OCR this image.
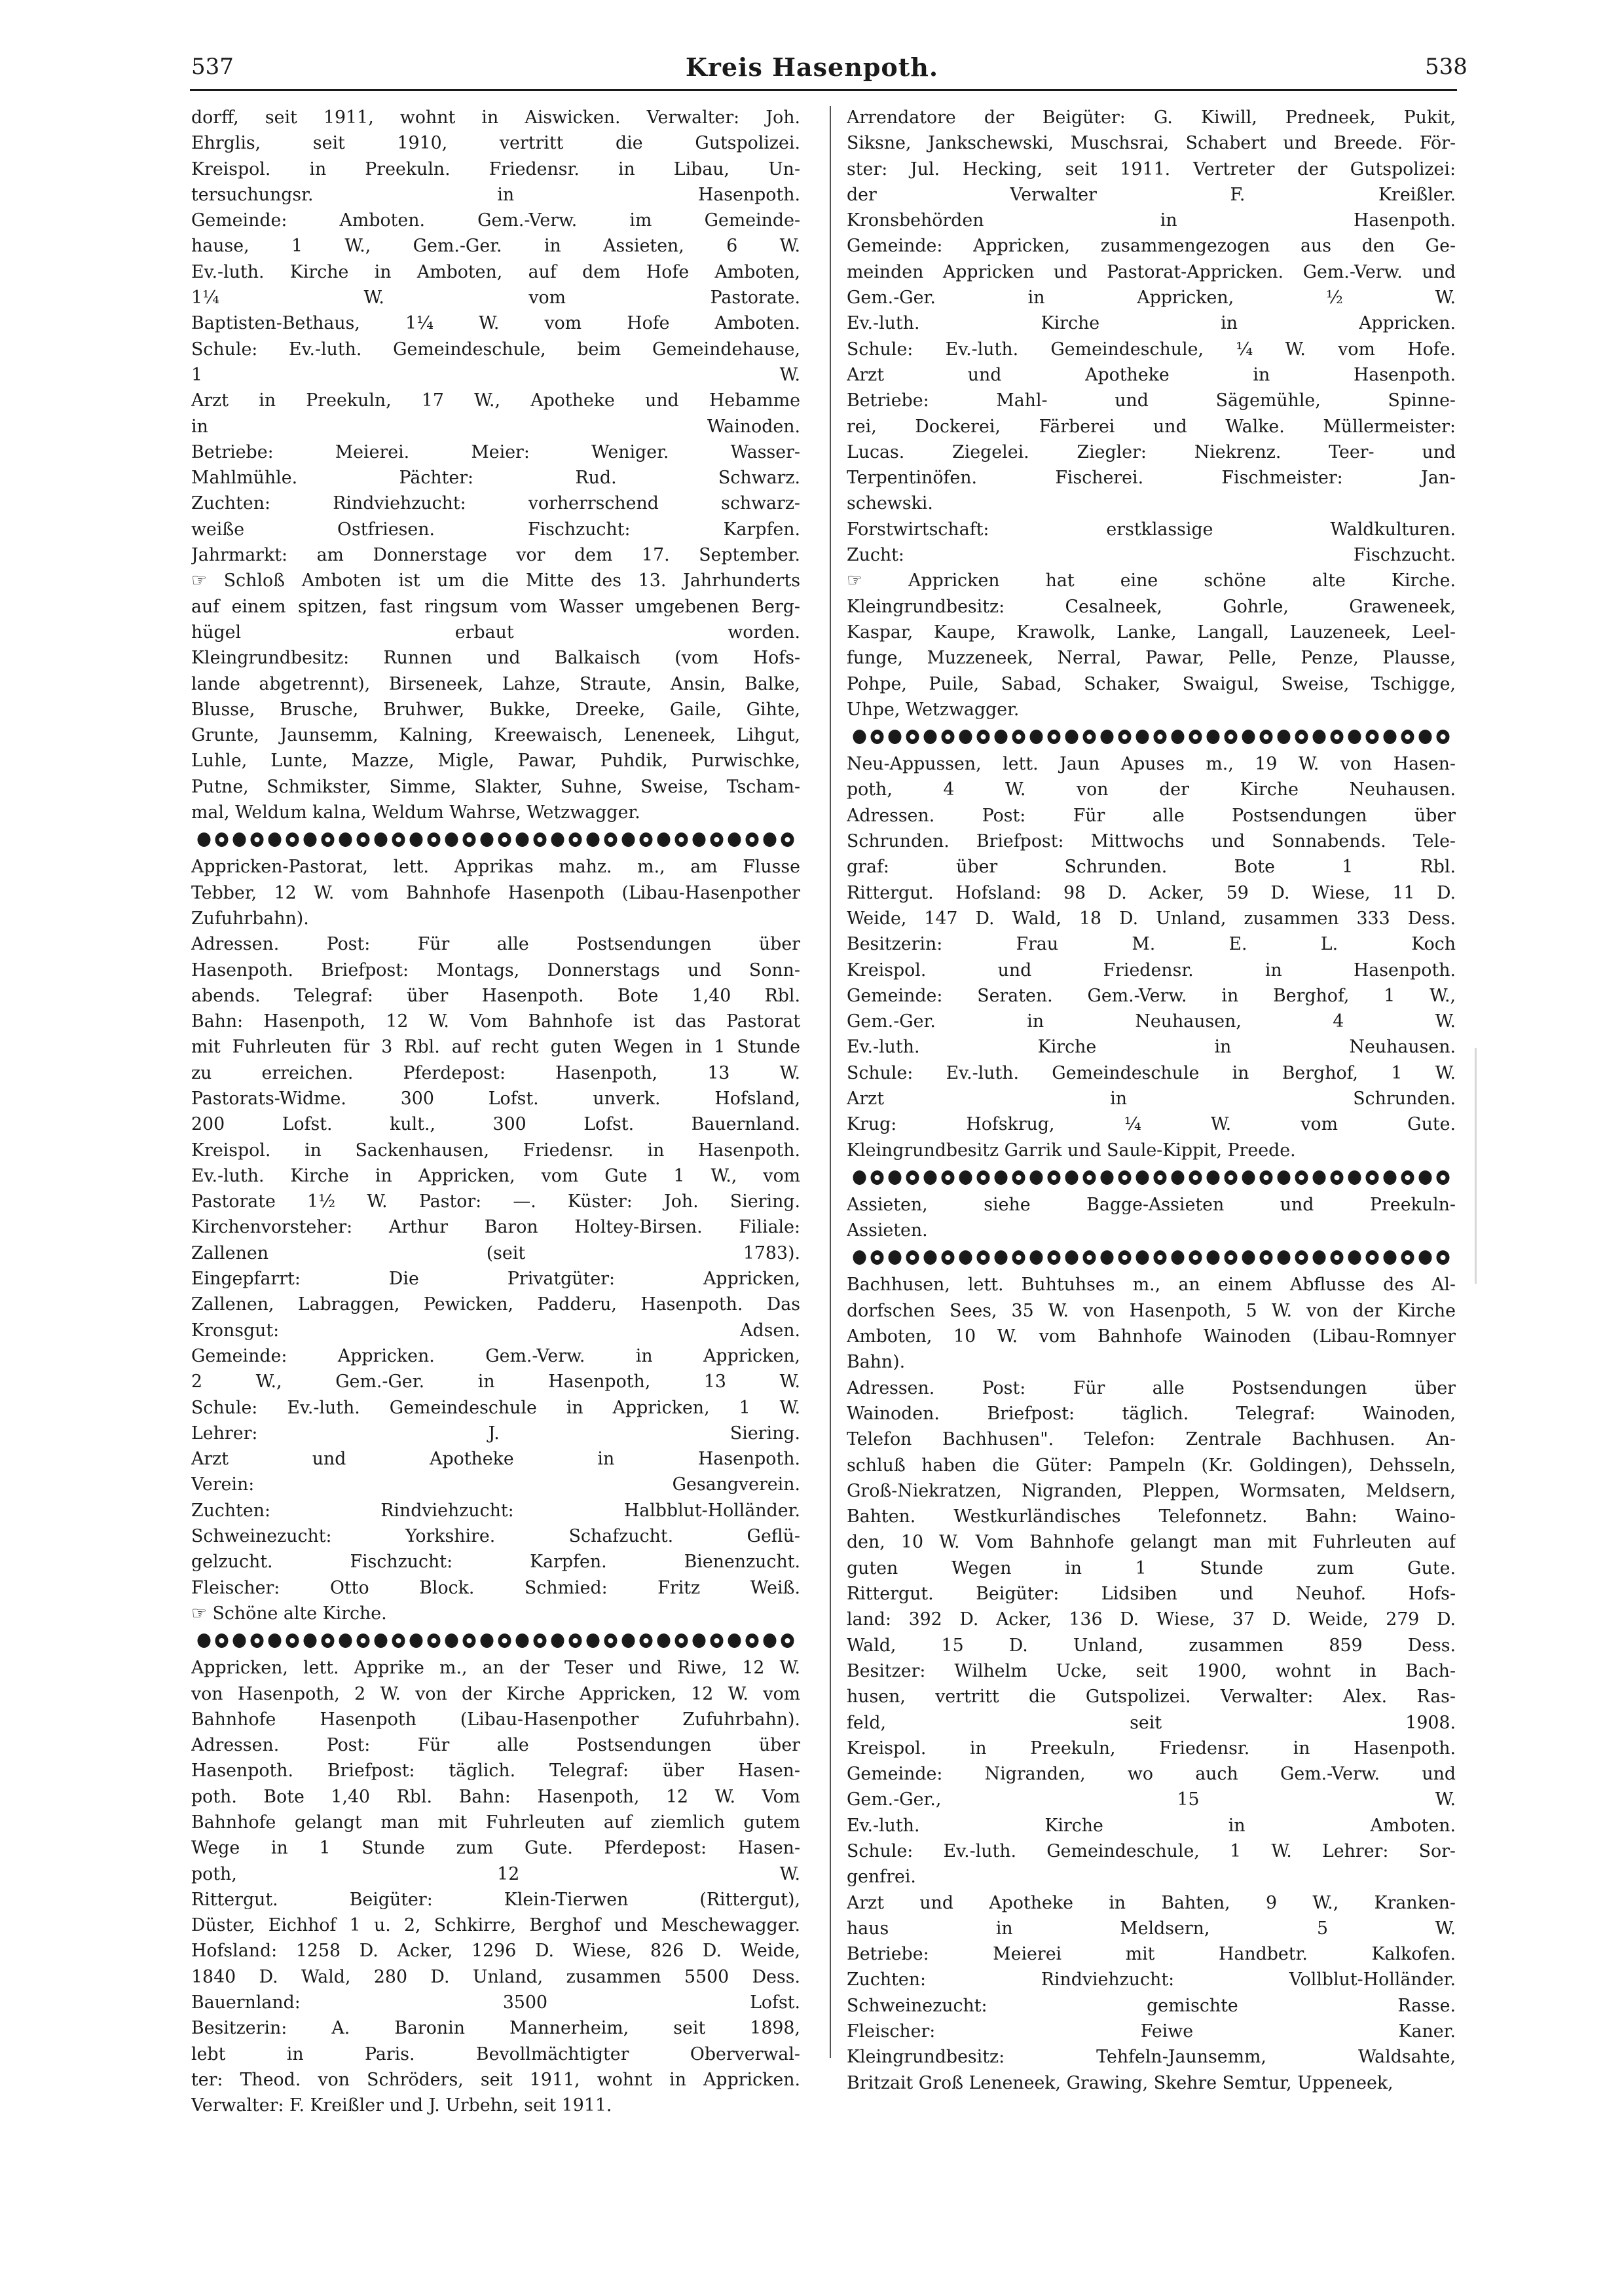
537	Kreis Hasenpoth.	538
dorff, seit 1911, wohnt in Aiswicken. Verwalter: Joh.
Ehrglis, seit 1910, vertritt die Gutspolizei.
Kreispol. in Preekuln. Friedensr. in Libau, Un-
tersuchungsr. in Hasenpoth.
Gemeinde: Amboten. Gem.-Verw. im Gemeinde-
hause, 1 W., Gem.-Ger. in Assieten, 6 W.
Ev.-luth. Kirche in Amboten, auf dem Hofe Amboten,
1¼ W. vom Pastorate.
Baptisten-Bethaus, 1¼ W. vom Hofe Amboten.
Schule: Ev.-luth. Gemeindeschule, beim Gemeindehause,
1 W.
Arzt in Preekuln, 17 W., Apotheke und Hebamme
in Wainoden.
Betriebe: Meierei. Meier: Weniger. Wasser-
Mahlmühle. Pächter: Rud. Schwarz.
Zuchten: Rindviehzucht: vorherrschend schwarz-
weiße Ostfriesen. Fischzucht: Karpfen.
Jahrmarkt: am Donnerstage vor dem 17. September.
☞ Schloß Amboten ist um die Mitte des 13. Jahrhunderts
auf einem spitzen, fast ringsum vom Wasser umgebenen Berg-
hügel erbaut worden.
Kleingrundbesitz: Runnen und Balkaisch (vom Hofs-
lande abgetrennt), Birseneek, Lahze, Straute, Ansin, Balke,
Blusse, Brusche, Bruhwer, Bukke, Dreeke, Gaile, Gihte,
Grunte, Jaunsemm, Kalning, Kreewaisch, Leneneek, Lihgut,
Luhle, Lunte, Mazze, Migle, Pawar, Puhdik, Purwischke,
Putne, Schmikster, Simme, Slakter, Suhne, Sweise, Tscham-
mal, Weldum kalna, Weldum Wahrse, Wetzwagger.
Appricken-Pastorat, lett. Apprikas mahz. m., am Flusse
Tebber, 12 W. vom Bahnhofe Hasenpoth (Libau-Hasenpother
Zufuhrbahn).
Adressen. Post: Für alle Postsendungen über
Hasenpoth. Briefpost: Montags, Donnerstags und Sonn-
abends. Telegraf: über Hasenpoth. Bote 1,40 Rbl.
Bahn: Hasenpoth, 12 W. Vom Bahnhofe ist das Pastorat
mit Fuhrleuten für 3 Rbl. auf recht guten Wegen in 1 Stunde
zu erreichen. Pferdepost: Hasenpoth, 13 W.
Pastorats-Widme. 300 Lofst. unverk. Hofsland,
200 Lofst. kult., 300 Lofst. Bauernland.
Kreispol. in Sackenhausen, Friedensr. in Hasenpoth.
Ev.-luth. Kirche in Appricken, vom Gute 1 W., vom
Pastorate 1½ W. Pastor: —. Küster: Joh. Siering.
Kirchenvorsteher: Arthur Baron Holtey-Birsen. Filiale:
Zallenen (seit 1783).
Eingepfarrt: Die Privatgüter: Appricken,
Zallenen, Labraggen, Pewicken, Padderu, Hasenpoth. Das
Kronsgut: Adsen.
Gemeinde: Appricken. Gem.-Verw. in Appricken,
2 W., Gem.-Ger. in Hasenpoth, 13 W.
Schule: Ev.-luth. Gemeindeschule in Appricken, 1 W.
Lehrer: J. Siering.
Arzt und Apotheke in Hasenpoth.
Verein: Gesangverein.
Zuchten: Rindviehzucht: Halbblut-Holländer.
Schweinezucht: Yorkshire. Schafzucht. Geflü-
gelzucht. Fischzucht: Karpfen. Bienenzucht.
Fleischer: Otto Block. Schmied: Fritz Weiß.
☞ Schöne alte Kirche.
Appricken, lett. Apprike m., an der Teser und Riwe, 12 W.
von Hasenpoth, 2 W. von der Kirche Appricken, 12 W. vom
Bahnhofe Hasenpoth (Libau-Hasenpother Zufuhrbahn).
Adressen. Post: Für alle Postsendungen über
Hasenpoth. Briefpost: täglich. Telegraf: über Hasen-
poth. Bote 1,40 Rbl. Bahn: Hasenpoth, 12 W. Vom
Bahnhofe gelangt man mit Fuhrleuten auf ziemlich gutem
Wege in 1 Stunde zum Gute. Pferdepost: Hasen-
poth, 12 W.
Rittergut. Beigüter: Klein-Tierwen (Rittergut),
Düster, Eichhof 1 u. 2, Schkirre, Berghof und Meschewagger.
Hofsland: 1258 D. Acker, 1296 D. Wiese, 826 D. Weide,
1840 D. Wald, 280 D. Unland, zusammen 5500 Dess.
Bauernland: 3500 Lofst.
Besitzerin: A. Baronin Mannerheim, seit 1898,
lebt in Paris. Bevollmächtigter Oberverwal-
ter: Theod. von Schröders, seit 1911, wohnt in Appricken.
Verwalter: F. Kreißler und J. Urbehn, seit 1911.
Arrendatore der Beigüter: G. Kiwill, Predneek, Pukit,
Siksne, Jankschewski, Muschsrai, Schabert und Breede. För-
ster: Jul. Hecking, seit 1911. Vertreter der Gutspolizei:
der Verwalter F. Kreißler.
Kronsbehörden in Hasenpoth.
Gemeinde: Appricken, zusammengezogen aus den Ge-
meinden Appricken und Pastorat-Appricken. Gem.-Verw. und
Gem.-Ger. in Appricken, ½ W.
Ev.-luth. Kirche in Appricken.
Schule: Ev.-luth. Gemeindeschule, ¼ W. vom Hofe.
Arzt und Apotheke in Hasenpoth.
Betriebe: Mahl- und Sägemühle, Spinne-
rei, Dockerei, Färberei und Walke. Müllermeister:
Lucas. Ziegelei. Ziegler: Niekrenz. Teer- und
Terpentinöfen. Fischerei. Fischmeister: Jan-
schewski.
Forstwirtschaft: erstklassige Waldkulturen.
Zucht: Fischzucht.
☞ Appricken hat eine schöne alte Kirche.
Kleingrundbesitz: Cesalneek, Gohrle, Graweneek,
Kaspar, Kaupe, Krawolk, Lanke, Langall, Lauzeneek, Leel-
funge, Muzzeneek, Nerral, Pawar, Pelle, Penze, Plausse,
Pohpe, Puile, Sabad, Schaker, Swaigul, Sweise, Tschigge,
Uhpe, Wetzwagger.
Neu-Appussen, lett. Jaun Apuses m., 19 W. von Hasen-
poth, 4 W. von der Kirche Neuhausen.
Adressen. Post: Für alle Postsendungen über
Schrunden. Briefpost: Mittwochs und Sonnabends. Tele-
graf: über Schrunden. Bote 1 Rbl.
Rittergut. Hofsland: 98 D. Acker, 59 D. Wiese, 11 D.
Weide, 147 D. Wald, 18 D. Unland, zusammen 333 Dess.
Besitzerin: Frau M. E. L. Koch
Kreispol. und Friedensr. in Hasenpoth.
Gemeinde: Seraten. Gem.-Verw. in Berghof, 1 W.,
Gem.-Ger. in Neuhausen, 4 W.
Ev.-luth. Kirche in Neuhausen.
Schule: Ev.-luth. Gemeindeschule in Berghof, 1 W.
Arzt in Schrunden.
Krug: Hofskrug, ¼ W. vom Gute.
Kleingrundbesitz Garrik und Saule-Kippit, Preede.
Assieten, siehe Bagge-Assieten und Preekuln-
Assieten.
Bachhusen, lett. Buhtuhses m., an einem Abflusse des Al-
dorfschen Sees, 35 W. von Hasenpoth, 5 W. von der Kirche
Amboten, 10 W. vom Bahnhofe Wainoden (Libau-Romnyer
Bahn).
Adressen. Post: Für alle Postsendungen über
Wainoden. Briefpost: täglich. Telegraf: Wainoden,
Telefon Bachhusen". Telefon: Zentrale Bachhusen. An-
schluß haben die Güter: Pampeln (Kr. Goldingen), Dehsseln,
Groß-Niekratzen, Nigranden, Pleppen, Wormsaten, Meldsern,
Bahten. Westkurländisches Telefonnetz. Bahn: Waino-
den, 10 W. Vom Bahnhofe gelangt man mit Fuhrleuten auf
guten Wegen in 1 Stunde zum Gute.
Rittergut. Beigüter: Lidsiben und Neuhof. Hofs-
land: 392 D. Acker, 136 D. Wiese, 37 D. Weide, 279 D.
Wald, 15 D. Unland, zusammen 859 Dess.
Besitzer: Wilhelm Ucke, seit 1900, wohnt in Bach-
husen, vertritt die Gutspolizei. Verwalter: Alex. Ras-
feld, seit 1908.
Kreispol. in Preekuln, Friedensr. in Hasenpoth.
Gemeinde: Nigranden, wo auch Gem.-Verw. und
Gem.-Ger., 15 W.
Ev.-luth. Kirche in Amboten.
Schule: Ev.-luth. Gemeindeschule, 1 W. Lehrer: Sor-
genfrei.
Arzt und Apotheke in Bahten, 9 W., Kranken-
haus in Meldsern, 5 W.
Betriebe: Meierei mit Handbetr. Kalkofen.
Zuchten: Rindviehzucht: Vollblut-Holländer.
Schweinezucht: gemischte Rasse.
Fleischer: Feiwe Kaner.
Kleingrundbesitz: Tehfeln-Jaunsemm, Waldsahte,
Britzait Groß Leneneek, Grawing, Skehre Semtur, Uppeneek,
